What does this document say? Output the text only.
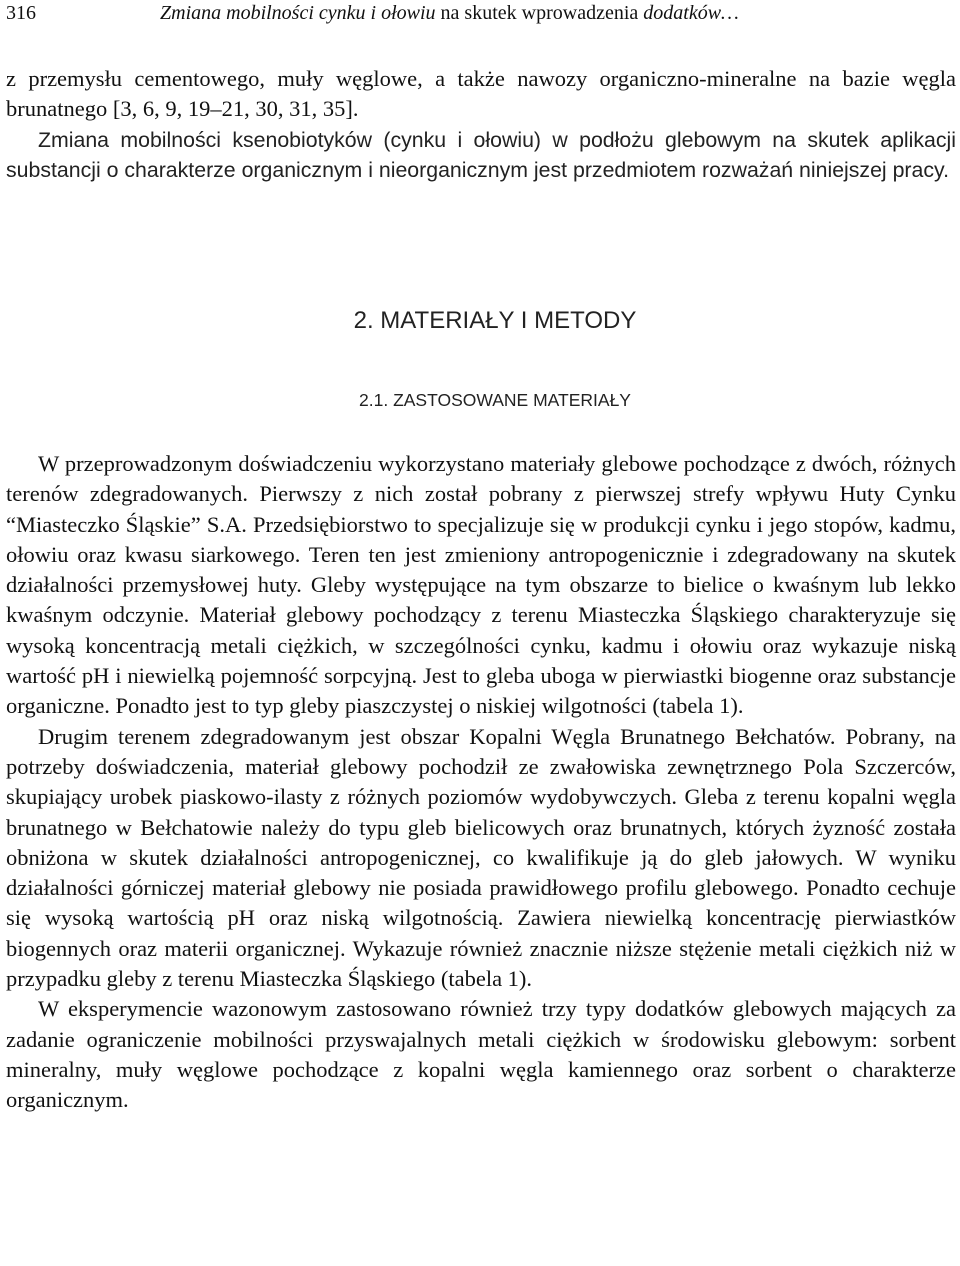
316	Zmiana mobilności cynku i ołowiu na skutek wprowadzenia dodatków…

z przemysłu cementowego, muły węglowe, a także nawozy organiczno-mineralne na bazie węgla brunatnego [3, 6, 9, 19–21, 30, 31, 35].

Zmiana mobilności ksenobiotyków (cynku i ołowiu) w podłożu glebowym na skutek aplikacji substancji o charakterze organicznym i nieorganicznym jest przedmiotem rozważań niniejszej pracy.

2. MATERIAŁY I METODY
2.1. ZASTOSOWANE MATERIAŁY

W przeprowadzonym doświadczeniu wykorzystano materiały glebowe pochodzące z dwóch, różnych terenów zdegradowanych. Pierwszy z nich został pobrany z pierwszej strefy wpływu Huty Cynku “Miasteczko Śląskie” S.A. Przedsiębiorstwo to specjalizuje się w produkcji cynku i jego stopów, kadmu, ołowiu oraz kwasu siarkowego. Teren ten jest zmieniony antropogenicznie i zdegradowany na skutek działalności przemysłowej huty. Gleby występujące na tym obszarze to bielice o kwaśnym lub lekko kwaśnym odczynie. Materiał glebowy pochodzący z terenu Miasteczka Śląskiego charakteryzuje się wysoką koncentracją metali ciężkich, w szczególności cynku, kadmu i ołowiu oraz wykazuje niską wartość pH i niewielką pojemność sorpcyjną. Jest to gleba uboga w pierwiastki biogenne oraz substancje organiczne. Ponadto jest to typ gleby piaszczystej o niskiej wilgotności (tabela 1).

Drugim terenem zdegradowanym jest obszar Kopalni Węgla Brunatnego Bełchatów. Pobrany, na potrzeby doświadczenia, materiał glebowy pochodził ze zwałowiska zewnętrznego Pola Szczerców, skupiający urobek piaskowo-ilasty z różnych poziomów wydobywczych. Gleba z terenu kopalni węgla brunatnego w Bełchatowie należy do typu gleb bielicowych oraz brunatnych, których żyzność została obniżona w skutek działalności antropogenicznej, co kwalifikuje ją do gleb jałowych. W wyniku działalności górniczej materiał glebowy nie posiada prawidłowego profilu glebowego. Ponadto cechuje się wysoką wartością pH oraz niską wilgotnością. Zawiera niewielką koncentrację pierwiastków biogennych oraz materii organicznej. Wykazuje również znacznie niższe stężenie metali ciężkich niż w przypadku gleby z terenu Miasteczka Śląskiego (tabela 1).

W eksperymencie wazonowym zastosowano również trzy typy dodatków glebowych mających za zadanie ograniczenie mobilności przyswajalnych metali ciężkich w środowisku glebowym: sorbent mineralny, muły węglowe pochodzące z kopalni węgla kamiennego oraz sorbent o charakterze organicznym.
